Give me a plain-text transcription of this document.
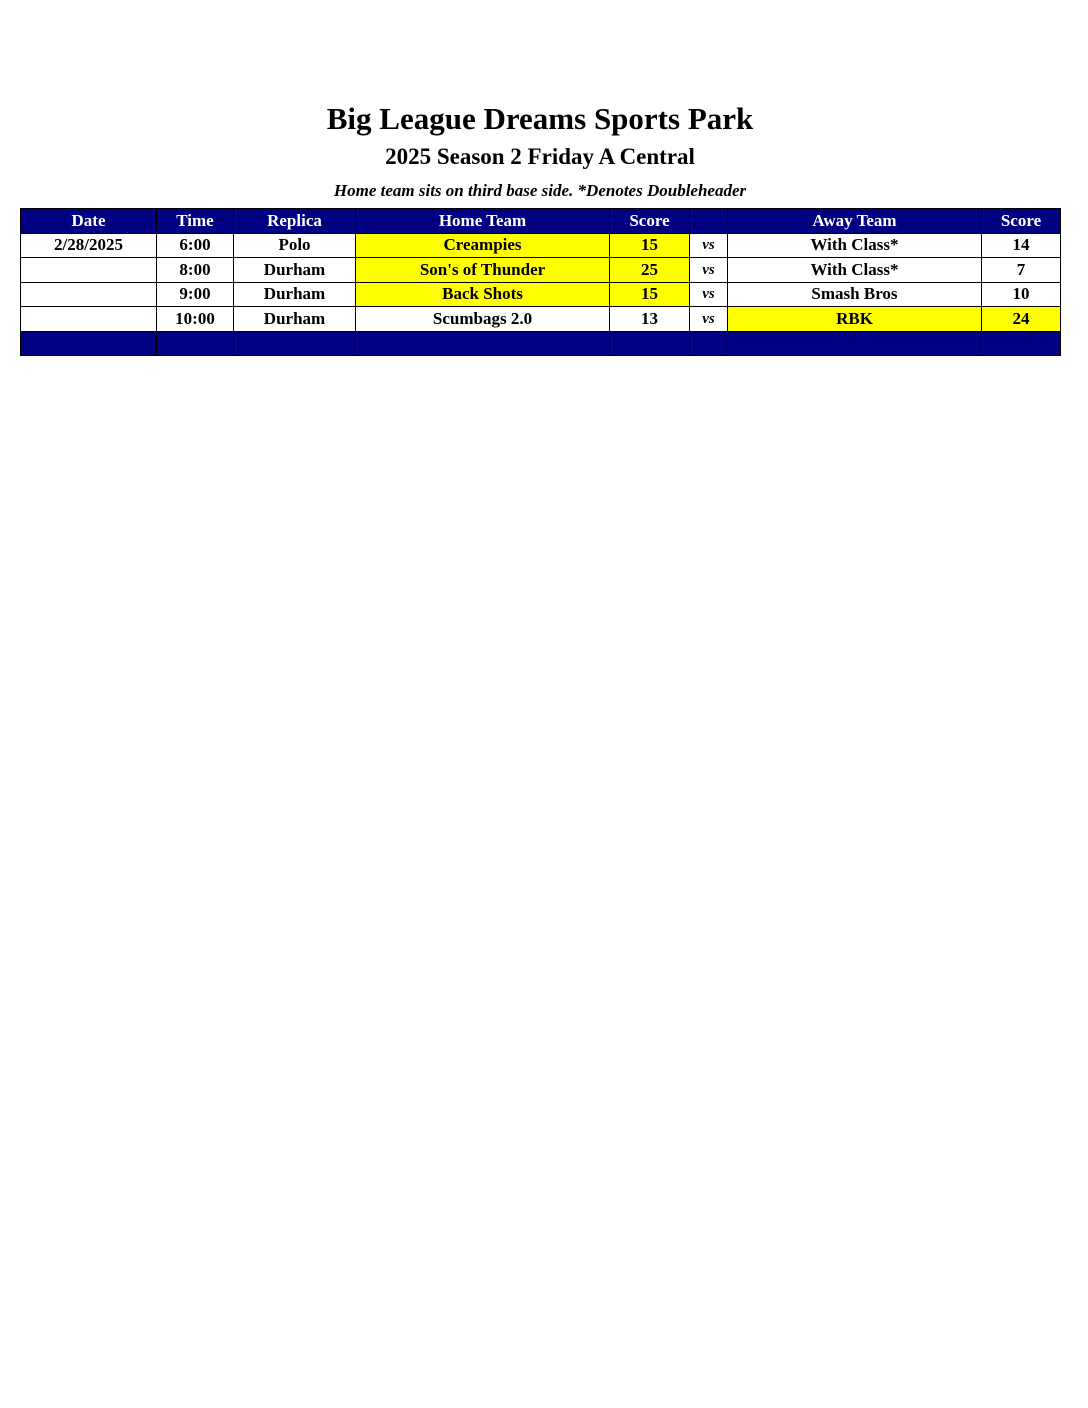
Big League Dreams Sports Park
2025 Season 2 Friday A Central
Home team sits on third base side. *Denotes Doubleheader
Date	Time	Replica	Home Team	Score		Away Team	Score
2/28/2025	6:00	Polo	Creampies	15	vs	With Class*	14
	8:00	Durham	Son's of Thunder	25	vs	With Class*	7
	9:00	Durham	Back Shots	15	vs	Smash Bros	10
	10:00	Durham	Scumbags 2.0	13	vs	RBK	24
